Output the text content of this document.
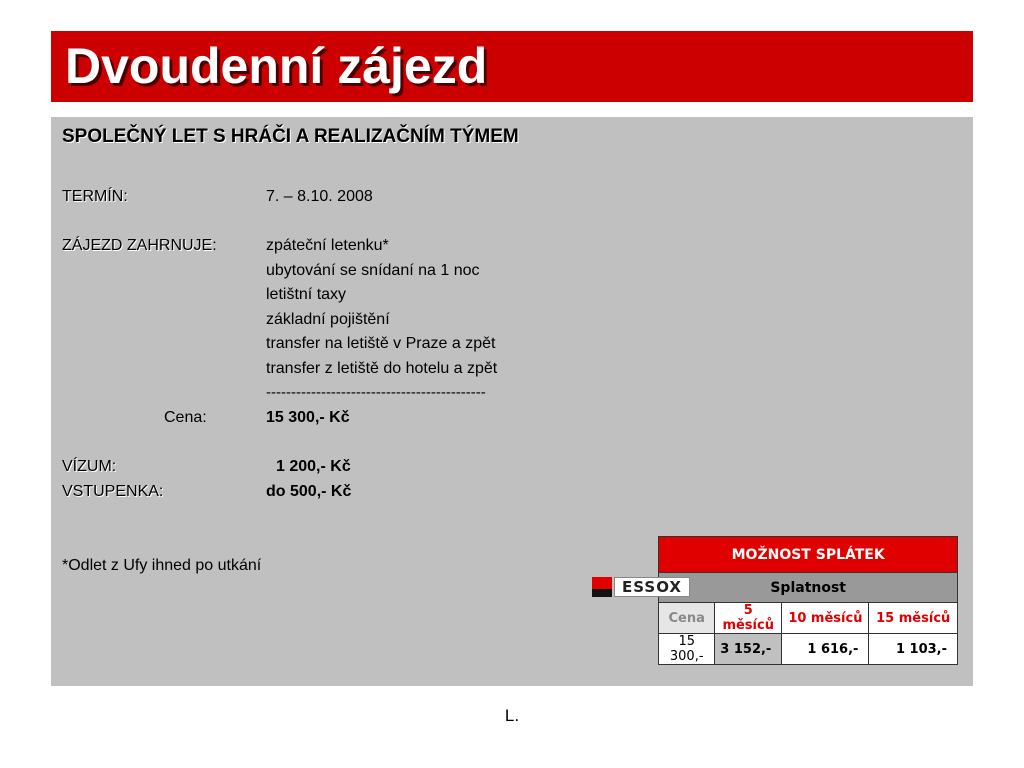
Dvoudenní zájezd
SPOLEČNÝ LET S HRÁČI A REALIZAČNÍM TÝMEM
TERMÍN:	7. – 8.10. 2008
ZÁJEZD ZAHRNUJE:	zpáteční letenku*
ubytování se snídaní na 1 noc
letištní taxy
základní pojištění
transfer na letiště v Praze a zpět
transfer z letiště do hotelu a zpět
--------------------------------------------
Cena:	15 300,- Kč
VÍZUM:	1 200,- Kč
VSTUPENKA:	do 500,- Kč
*Odlet z Ufy ihned po utkání
	MOŽNOST SPLÁTEK			

ESSOX	Splatnost			
	Cena	5 měsíců	10 měsíců	15 měsíců
	15 300,-	3 152,-	1 616,-	1 103,-
L.
